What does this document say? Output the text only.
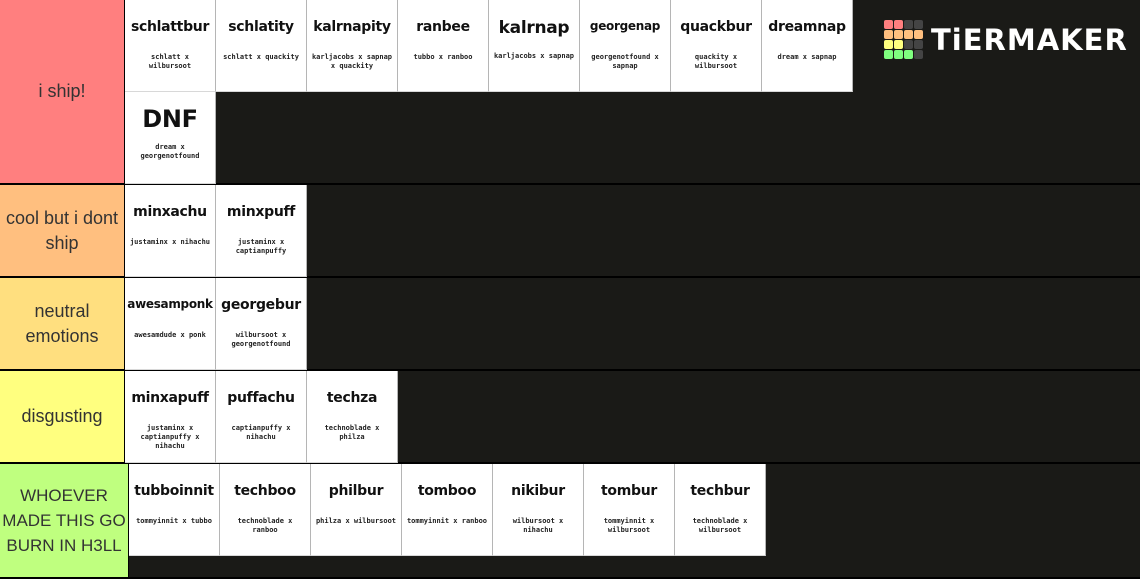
i ship!
schlattbur
schlatt x wilbursoot
schlatity
schlatt x quackity
kalrnapity
karljacobs x sapnap x quackity
ranbee
tubbo x ranboo
kalrnap
karljacobs x sapnap
georgenap
georgenotfound x sapnap
quackbur
quackity x wilbursoot
dreamnap
dream x sapnap
DNF
dream x georgenotfound
cool but i dont ship
minxachu
justaminx x nihachu
minxpuff
justaminx x captianpuffy
neutral emotions
awesamponk
awesamdude x ponk
georgebur
wilbursoot x georgenotfound
disgusting
minxapuff
justaminx x captianpuffy x nihachu
puffachu
captianpuffy x nihachu
techza
technoblade x philza
WHOEVER MADE THIS GO BURN IN H3LL
tubboinnit
tommyinnit x tubbo
techboo
technoblade x ranboo
philbur
philza x wilbursoot
tomboo
tommyinnit x ranboo
nikibur
wilbursoot x nihachu
tombur
tommyinnit x wilbursoot
techbur
technoblade x wilbursoot
TiERMAKER
